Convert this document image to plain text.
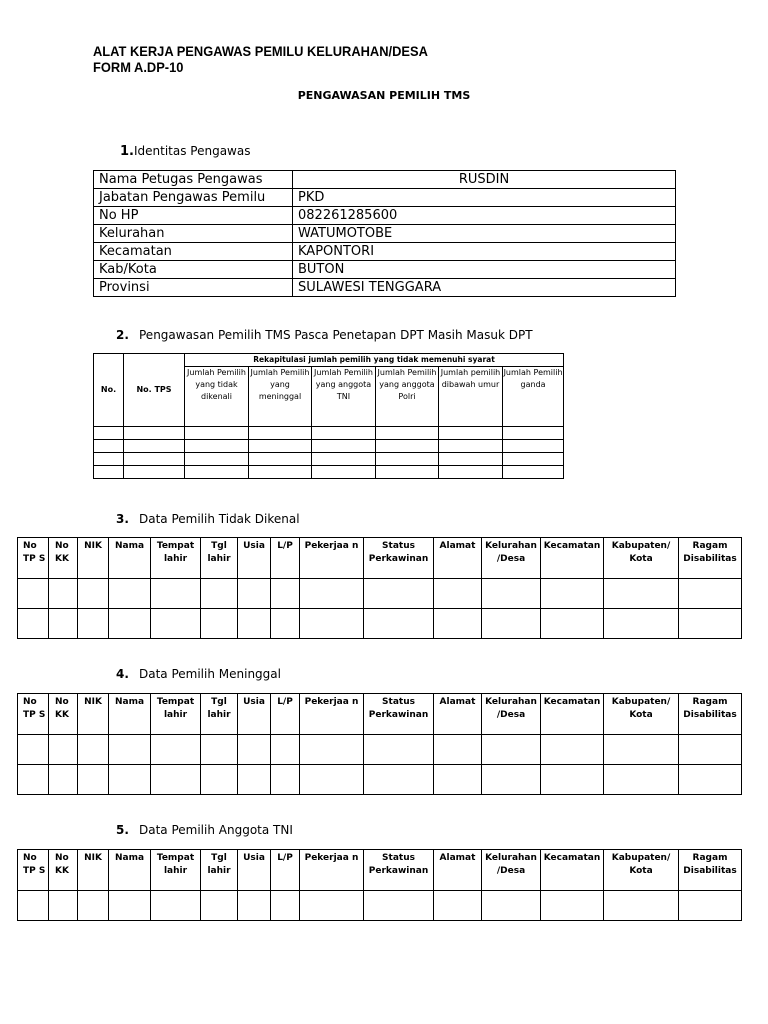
ALAT KERJA PENGAWAS PEMILU KELURAHAN/DESA
FORM A.DP-10
PENGAWASAN PEMILIH TMS
1.Identitas Pengawas
Nama Petugas Pengawas	RUSDIN
Jabatan Pengawas Pemilu	PKD
No HP	082261285600
Kelurahan	WATUMOTOBE
Kecamatan	KAPONTORI
Kab/Kota	BUTON
Provinsi	SULAWESI TENGGARA
2. Pengawasan Pemilih TMS Pasca Penetapan DPT Masih Masuk DPT
No.	No. TPS	Rekapitulasi jumlah pemilih yang tidak memenuhi syarat					
		Jumlah Pemilih yang tidak dikenali	Jumlah Pemilih yang meninggal	Jumlah Pemilih yang anggota TNI	Jumlah Pemilih yang anggota Polri	Jumlah pemilih dibawah umur	Jumlah Pemilih ganda

3. Data Pemilih Tidak Dikenal
No TP S	No KK	NIK	Nama	Tempat lahir	Tgl lahir	Usia	L/P	Pekerjaa n	Status Perkawinan	Alamat	Kelurahan /Desa	Kecamatan	Kabupaten/ Kota	Ragam Disabilitas

4. Data Pemilih Meninggal
No TP S	No KK	NIK	Nama	Tempat lahir	Tgl lahir	Usia	L/P	Pekerjaa n	Status Perkawinan	Alamat	Kelurahan /Desa	Kecamatan	Kabupaten/ Kota	Ragam Disabilitas

5. Data Pemilih Anggota TNI
No TP S	No KK	NIK	Nama	Tempat lahir	Tgl lahir	Usia	L/P	Pekerjaa n	Status Perkawinan	Alamat	Kelurahan /Desa	Kecamatan	Kabupaten/ Kota	Ragam Disabilitas
